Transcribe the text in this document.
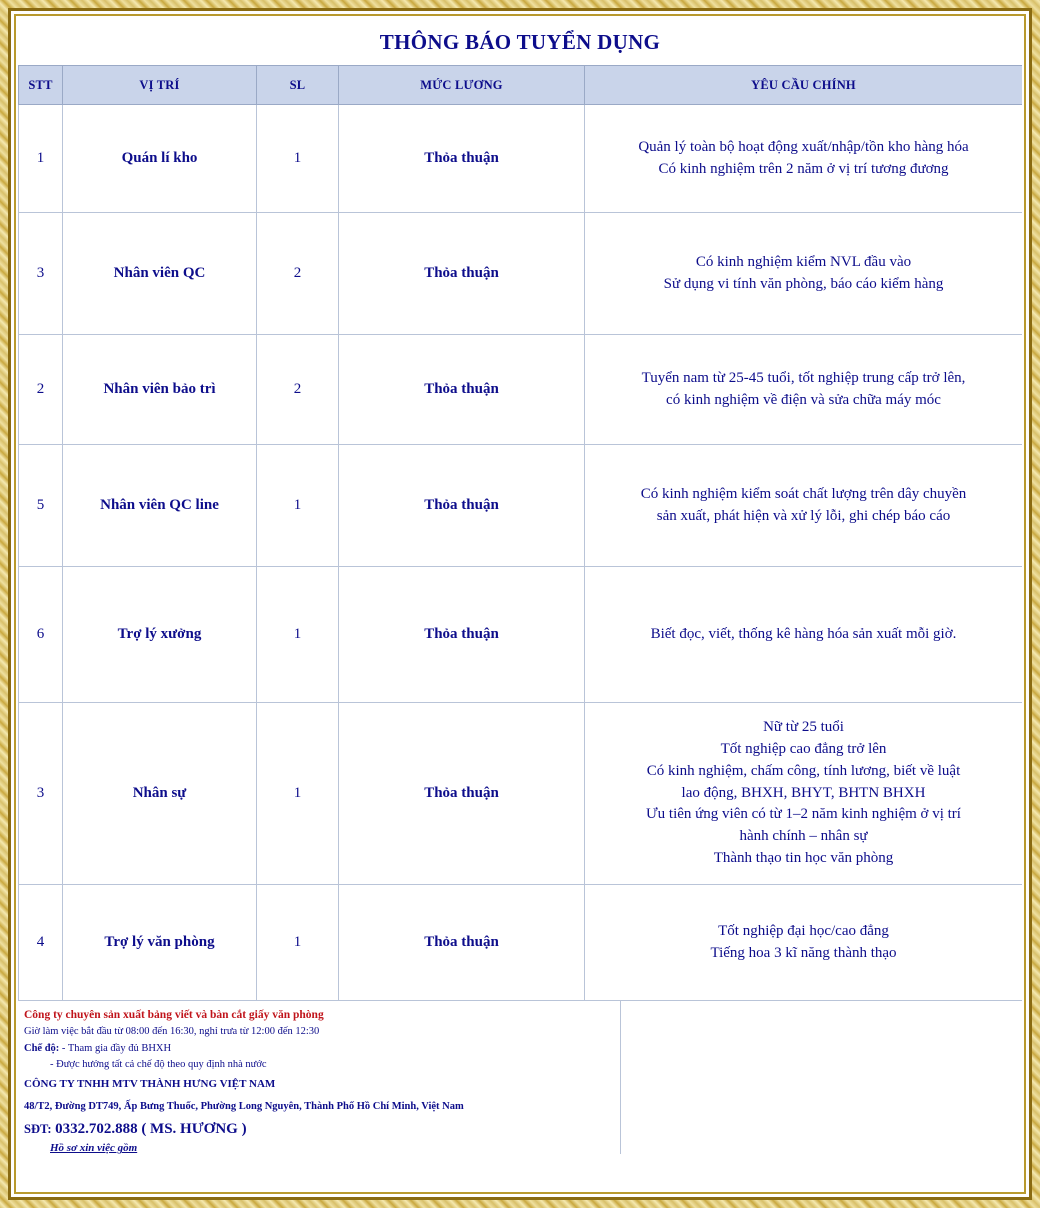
THÔNG BÁO TUYỂN DỤNG
STT	VỊ TRÍ	SL	MỨC LƯƠNG	YÊU CẦU CHÍNH
1	Quán lí kho	1	Thỏa thuận	Quản lý toàn bộ hoạt động xuất/nhập/tồn kho hàng hóa
Có kinh nghiệm trên 2 năm ở vị trí tương đương

3	Nhân viên QC	2	Thỏa thuận	Có kinh nghiệm kiểm NVL đầu vào
Sử dụng vi tính văn phòng, báo cáo kiểm hàng

2	Nhân viên bảo trì	2	Thỏa thuận	Tuyển nam từ 25-45 tuổi, tốt nghiệp trung cấp trở lên,
có kinh nghiệm về điện và sửa chữa máy móc

5	Nhân viên QC line	1	Thỏa thuận	Có kinh nghiệm kiểm soát chất lượng trên dây chuyền
sản xuất, phát hiện và xử lý lỗi, ghi chép báo cáo

6	Trợ lý xưởng	1	Thỏa thuận	Biết đọc, viết, thống kê hàng hóa sản xuất mỗi giờ.

3	Nhân sự	1	Thỏa thuận	
Nữ từ 25 tuổi
Tốt nghiệp cao đẳng trở lên
Có kinh nghiệm, chấm công, tính lương, biết về luật
lao động, BHXH, BHYT, BHTN BHXH
Ưu tiên ứng viên có từ 1–2 năm kinh nghiệm ở vị trí
hành chính – nhân sự
Thành thạo tin học văn phòng

4	Trợ lý văn phòng	1	Thỏa thuận	Tốt nghiệp đại học/cao đẳng
Tiếng hoa 3 kĩ năng thành thạo
Công ty chuyên sản xuất bảng viết và bàn cắt giấy văn phòng
Giờ làm việc bắt đầu từ 08:00 đến 16:30, nghỉ trưa từ 12:00 đến 12:30
Chế độ: - Tham gia đầy đủ BHXH
- Được hưởng tất cả chế độ theo quy định nhà nước
CÔNG TY TNHH MTV THÀNH HƯNG VIỆT NAM
48/T2, Đường DT749, Ấp Bưng Thuốc, Phường Long Nguyên, Thành Phố Hồ Chí Minh, Việt Nam
SĐT: 0332.702.888 ( MS. HƯƠNG )
Hồ sơ xin việc gồm
